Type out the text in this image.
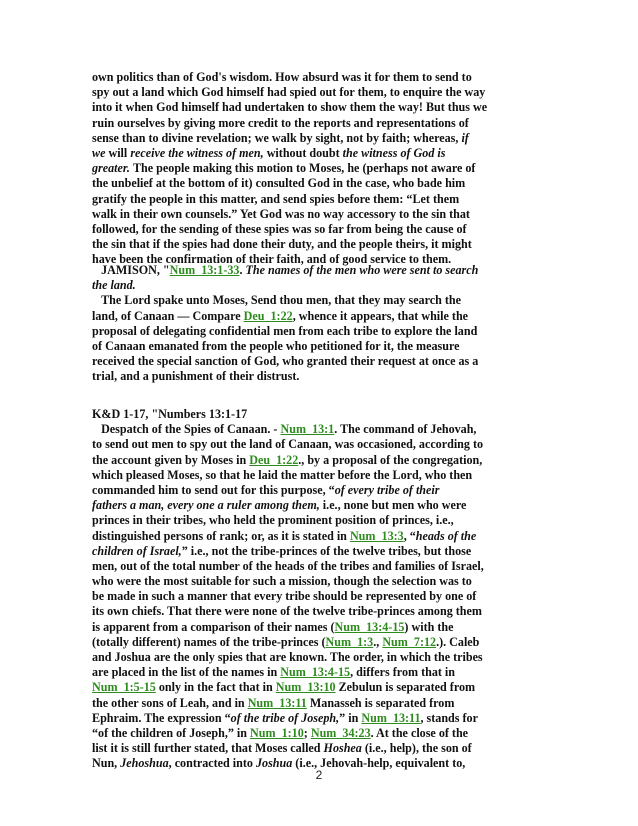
own politics than of God's wisdom. How absurd was it for them to send to
spy out a land which God himself had spied out for them, to enquire the way
into it when God himself had undertaken to show them the way! But thus we
ruin ourselves by giving more credit to the reports and representations of
sense than to divine revelation; we walk by sight, not by faith; whereas, if
we will receive the witness of men, without doubt the witness of God is
greater. The people making this motion to Moses, he (perhaps not aware of
the unbelief at the bottom of it) consulted God in the case, who bade him
gratify the people in this matter, and send spies before them: “Let them
walk in their own counsels.” Yet God was no way accessory to the sin that
followed, for the sending of these spies was so far from being the cause of
the sin that if the spies had done their duty, and the people theirs, it might
have been the confirmation of their faith, and of good service to them.
JAMISON, "Num_13:1-33. The names of the men who were sent to search
the land.
The Lord spake unto Moses, Send thou men, that they may search the
land, of Canaan — Compare Deu_1:22, whence it appears, that while the
proposal of delegating confidential men from each tribe to explore the land
of Canaan emanated from the people who petitioned for it, the measure
received the special sanction of God, who granted their request at once as a
trial, and a punishment of their distrust.
K&D 1-17, "Numbers 13:1-17
Despatch of the Spies of Canaan. - Num_13:1. The command of Jehovah,
to send out men to spy out the land of Canaan, was occasioned, according to
the account given by Moses in Deu_1:22., by a proposal of the congregation,
which pleased Moses, so that he laid the matter before the Lord, who then
commanded him to send out for this purpose, “of every tribe of their
fathers a man, every one a ruler among them, i.e., none but men who were
princes in their tribes, who held the prominent position of princes, i.e.,
distinguished persons of rank; or, as it is stated in Num_13:3, “heads of the
children of Israel,” i.e., not the tribe-princes of the twelve tribes, but those
men, out of the total number of the heads of the tribes and families of Israel,
who were the most suitable for such a mission, though the selection was to
be made in such a manner that every tribe should be represented by one of
its own chiefs. That there were none of the twelve tribe-princes among them
is apparent from a comparison of their names (Num_13:4-15) with the
(totally different) names of the tribe-princes (Num_1:3., Num_7:12.). Caleb
and Joshua are the only spies that are known. The order, in which the tribes
are placed in the list of the names in Num_13:4-15, differs from that in
Num_1:5-15 only in the fact that in Num_13:10 Zebulun is separated from
the other sons of Leah, and in Num_13:11 Manasseh is separated from
Ephraim. The expression “of the tribe of Joseph,” in Num_13:11, stands for
“of the children of Joseph,” in Num_1:10; Num_34:23. At the close of the
list it is still further stated, that Moses called Hoshea (i.e., help), the son of
Nun, Jehoshua, contracted into Joshua (i.e., Jehovah-help, equivalent to,
2
